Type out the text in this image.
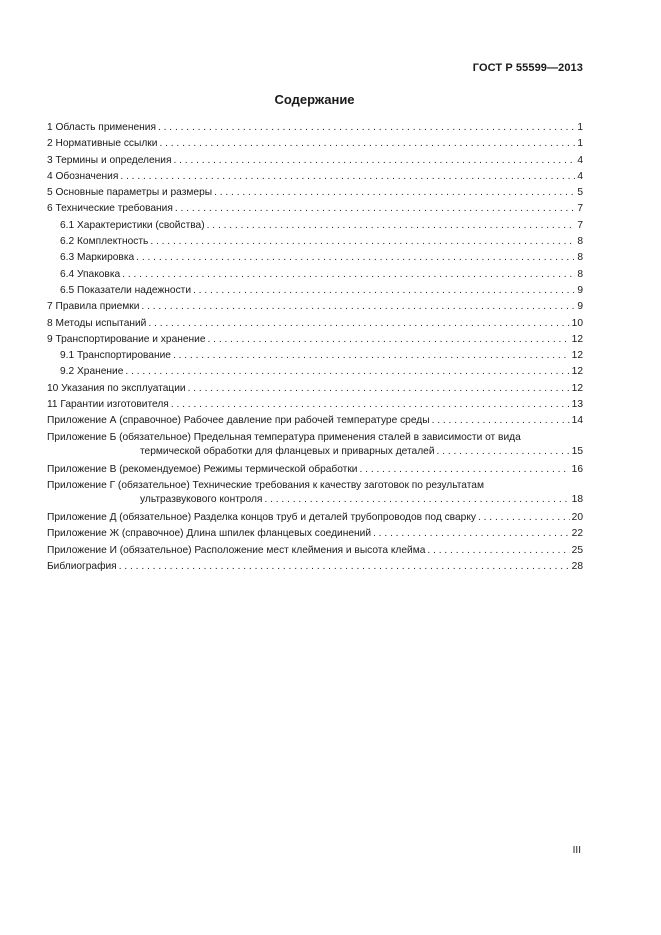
ГОСТ Р 55599—2013
Содержание
1 Область применения . . .	1
2 Нормативные ссылки . . .	1
3 Термины и определения . . .	4
4 Обозначения . . .	4
5 Основные параметры и размеры . . .	5
6 Технические требования . . .	7
6.1 Характеристики (свойства) . . .	7
6.2 Комплектность . . .	8
6.3 Маркировка . . .	8
6.4 Упаковка . . .	8
6.5 Показатели надежности . . .	9
7 Правила приемки . . .	9
8 Методы испытаний . . .	10
9 Транспортирование и хранение . . .	12
9.1 Транспортирование . . .	12
9.2 Хранение . . .	12
10 Указания по эксплуатации . . .	12
11 Гарантии изготовителя . . .	13
Приложение А (справочное) Рабочее давление при рабочей температуре среды . . .	14
Приложение Б (обязательное) Предельная температура применения сталей в зависимости от вида
термической обработки для фланцевых и приварных деталей . . .	15
Приложение В (рекомендуемое) Режимы термической обработки . . .	16
Приложение Г (обязательное) Технические требования к качеству заготовок по результатам
ультразвукового контроля . . .	18
Приложение Д (обязательное) Разделка концов труб и деталей трубопроводов под сварку . . .	20
Приложение Ж (справочное) Длина шпилек фланцевых соединений . . .	22
Приложение И (обязательное) Расположение мест клеймения и высота клейма . . .	25
Библиография . . .	28
III
